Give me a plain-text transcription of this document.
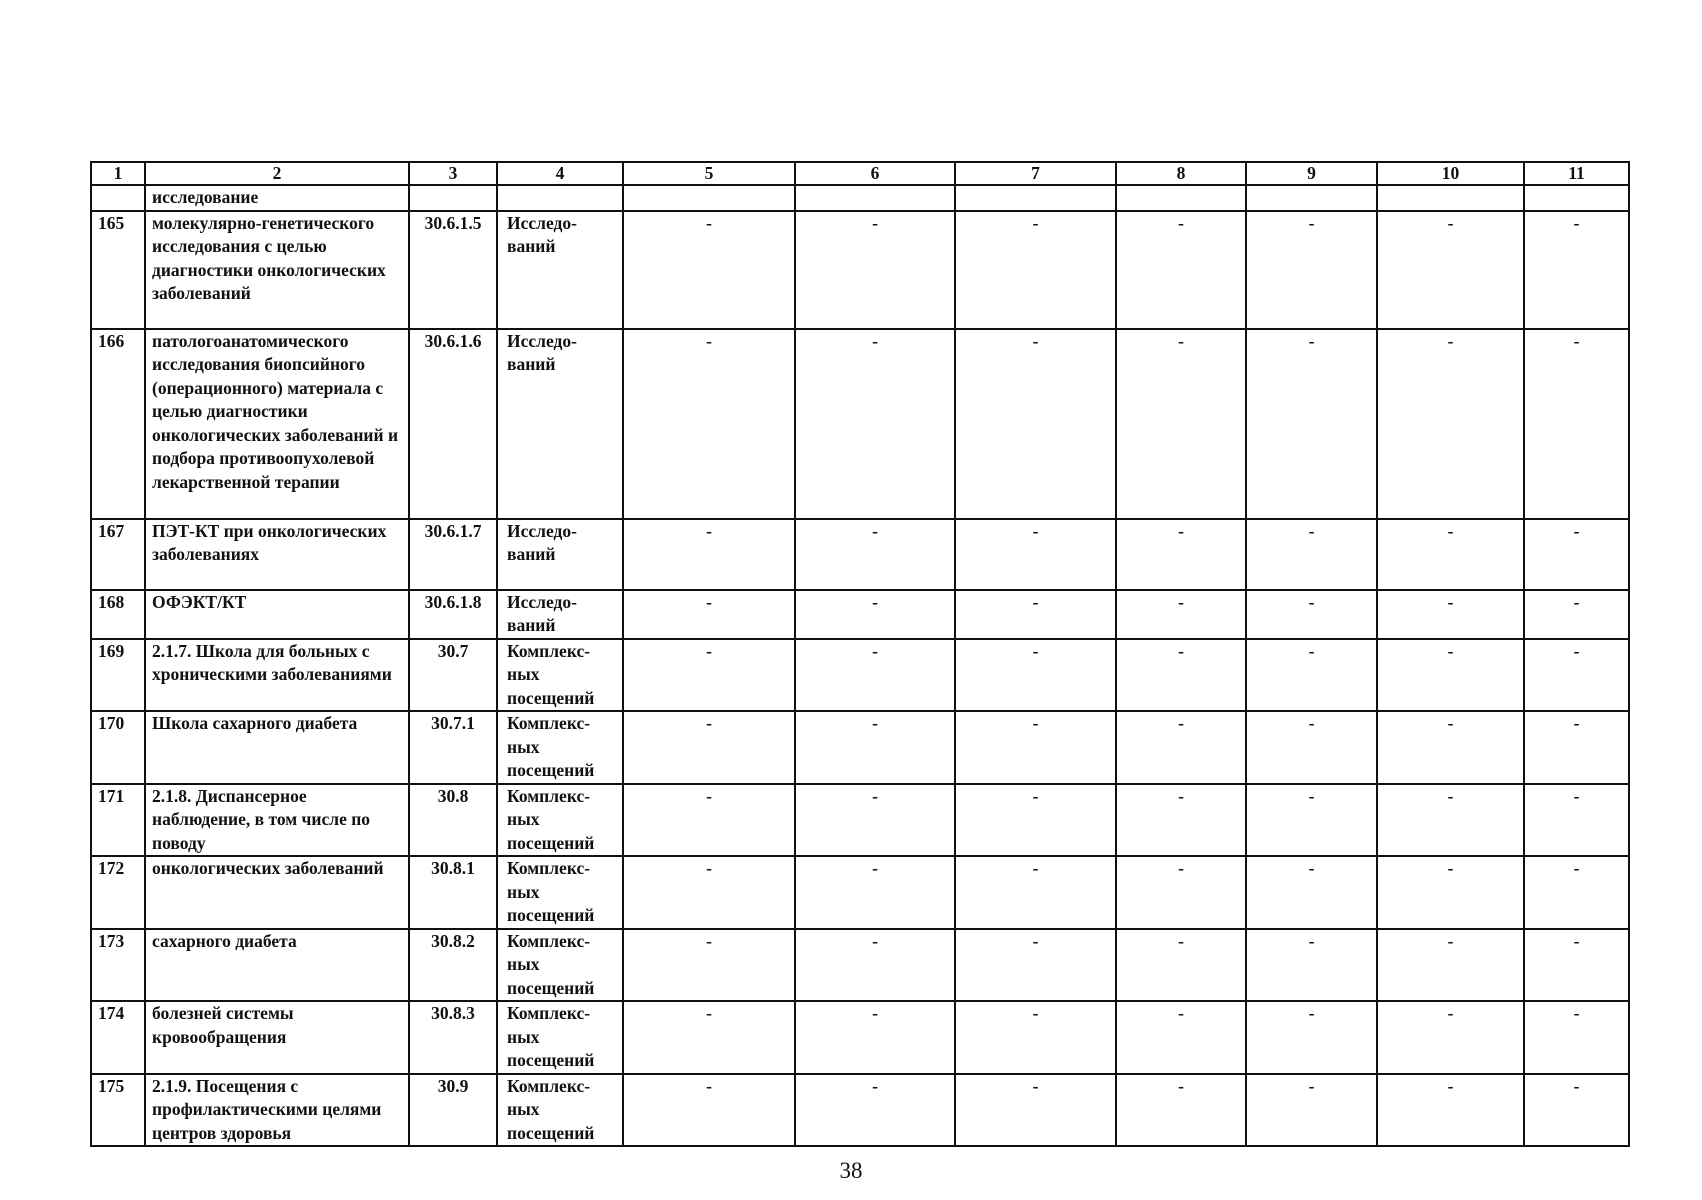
1	2	3	4	5	6	7	8	9	10	11
	исследование									
165	молекулярно-генетического исследования с целью диагностики онкологических заболеваний	30.6.1.5	Исследо-ваний	-	-	-	-	-	-	-
166	патологоанатомического исследования биопсийного (операционного) материала с целью диагностики онкологических заболеваний и подбора противоопухолевой лекарственной терапии	30.6.1.6	Исследо-ваний	-	-	-	-	-	-	-
167	ПЭТ-КТ при онкологических заболеваниях	30.6.1.7	Исследо-ваний	-	-	-	-	-	-	-
168	ОФЭКТ/КТ	30.6.1.8	Исследо-ваний	-	-	-	-	-	-	-
169	2.1.7. Школа для больных с хроническими заболеваниями	30.7	Комплекс-ных посещений	-	-	-	-	-	-	-
170	Школа сахарного диабета	30.7.1	Комплекс-ных посещений	-	-	-	-	-	-	-
171	2.1.8. Диспансерное наблюдение, в том числе по поводу	30.8	Комплекс-ных посещений	-	-	-	-	-	-	-
172	онкологических заболеваний	30.8.1	Комплекс-ных посещений	-	-	-	-	-	-	-
173	сахарного диабета	30.8.2	Комплекс-ных посещений	-	-	-	-	-	-	-
174	болезней системы кровообращения	30.8.3	Комплекс-ных посещений	-	-	-	-	-	-	-
175	2.1.9. Посещения с профилактическими целями центров здоровья	30.9	Комплекс-ных посещений	-	-	-	-	-	-	-
38
